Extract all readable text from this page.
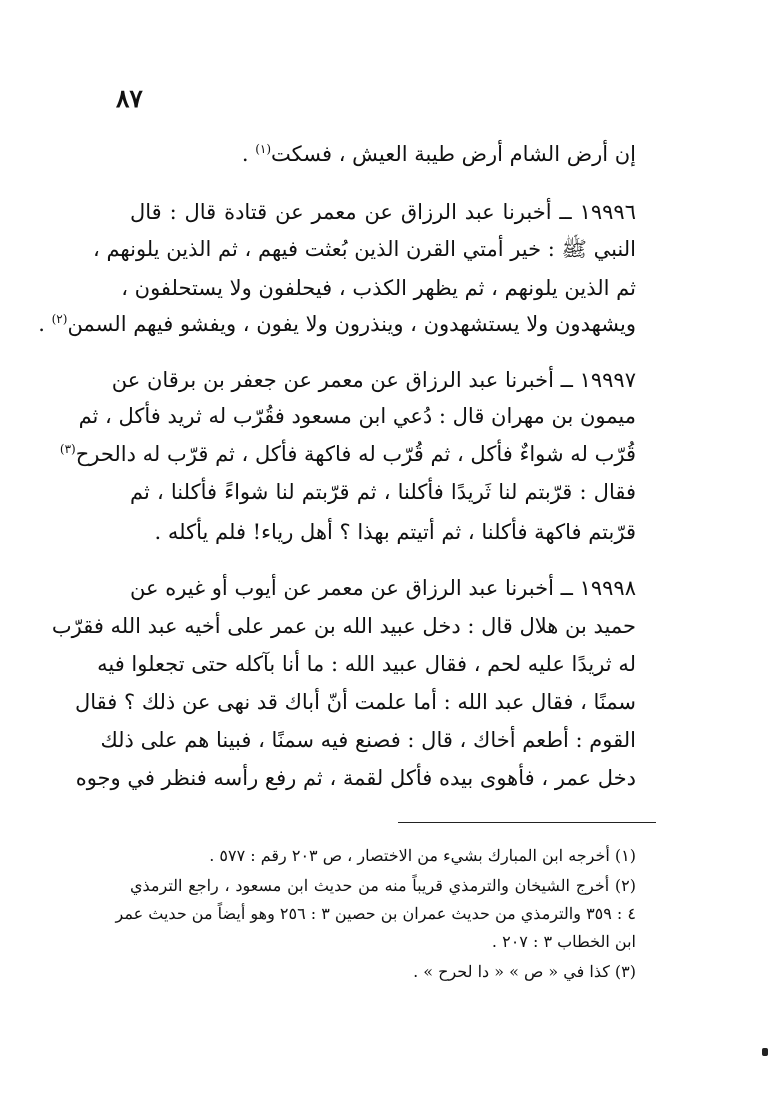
٨٧
إن أرض الشام أرض طيبة العيش ، فسكت$^{(١)}$ .
١٩٩٩٦ ــ أخبرنا عبد الرزاق عن معمر عن قتادة قال : قال
النبي ﷺ : خير أمتي القرن الذين بُعثت فيهم ، ثم الذين يلونهم ،
ثم الذين يلونهم ، ثم يظهر الكذب ، فيحلفون ولا يستحلفون ،
ويشهدون ولا يستشهدون ، وينذرون ولا يفون ، ويفشو فيهم السمن$^{(٢)}$ .
١٩٩٩٧ ــ أخبرنا عبد الرزاق عن معمر عن جعفر بن برقان عن
ميمون بن مهران قال : دُعي ابن مسعود فقُرّب له ثريد فأكل ، ثم
قُرّب له شواءٌ فأكل ، ثم قُرّب له فاكهة فأكل ، ثم قرّب له دالحرح$^{(٣)}$
فقال : قرّبتم لنا ثَريدًا فأكلنا ، ثم قرّبتم لنا شواءً فأكلنا ، ثم
قرّبتم فاكهة فأكلنا ، ثم أتيتم بهذا ؟ أهل رياء! فلم يأكله .
١٩٩٩٨ ــ أخبرنا عبد الرزاق عن معمر عن أيوب أو غيره عن
حميد بن هلال قال : دخل عبيد الله بن عمر على أخيه عبد الله فقرّب
له ثريدًا عليه لحم ، فقال عبيد الله : ما أنا بآكله حتى تجعلوا فيه
سمنًا ، فقال عبد الله : أما علمت أنّ أباك قد نهى عن ذلك ؟ فقال
القوم : أطعم أخاك ، قال : فصنع فيه سمنًا ، فبينا هم على ذلك
دخل عمر ، فأهوى بيده فأكل لقمة ، ثم رفع رأسه فنظر في وجوه
(١) أخرجه ابن المبارك بشيء من الاختصار ، ص ٢٠٣ رقم : ٥٧٧ .
(٢) أخرج الشيخان والترمذي قريباً منه من حديث ابن مسعود ، راجع الترمذي
٤ : ٣٥٩ والترمذي من حديث عمران بن حصين ٣ : ٢٥٦ وهو أيضاً من حديث عمر
ابن الخطاب ٣ : ٢٠٧ .
(٣) كذا في « ص » « دا لحرح » .
